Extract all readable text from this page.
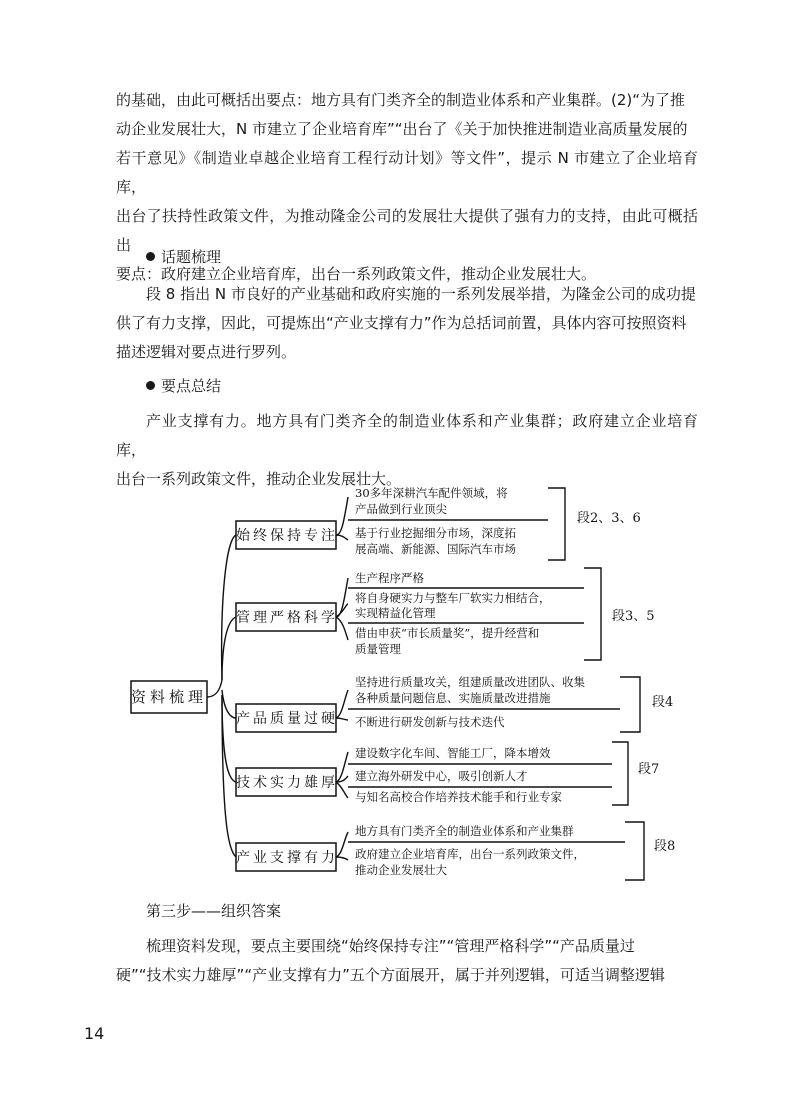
的基础，由此可概括出要点：地方具有门类齐全的制造业体系和产业集群。(2)“为了推
动企业发展壮大，N 市建立了企业培育库”“出台了《关于加快推进制造业高质量发展的
若干意见》《制造业卓越企业培育工程行动计划》等文件”，提示 N 市建立了企业培育库，
出台了扶持性政策文件，为推动隆金公司的发展壮大提供了强有力的支持，由此可概括出
要点：政府建立企业培育库，出台一系列政策文件，推动企业发展壮大。

话题梳理

段 8 指出 N 市良好的产业基础和政府实施的一系列发展举措，为隆金公司的成功提
供了有力支撑，因此，可提炼出“产业支撑有力”作为总括词前置，具体内容可按照资料
描述逻辑对要点进行罗列。

要点总结

产业支撑有力。地方具有门类齐全的制造业体系和产业集群；政府建立企业培育库，
出台一系列政策文件，推动企业发展壮大。

资料梳理
始终保持专注
管理严格科学
产品质量过硬
技术实力雄厚
产业支撑有力
30多年深耕汽车配件领域，将
产品做到行业顶尖
基于行业挖掘细分市场，深度拓
展高端、新能源、国际汽车市场
段2、3、6
生产程序严格
将自身硬实力与整车厂软实力相结合，
实现精益化管理
借由申获“市长质量奖”，提升经营和
质量管理
段3、5
坚持进行质量攻关，组建质量改进团队、收集
各种质量问题信息、实施质量改进措施
不断进行研发创新与技术迭代
段4
建设数字化车间、智能工厂，降本增效
建立海外研发中心，吸引创新人才
与知名高校合作培养技术能手和行业专家
段7
地方具有门类齐全的制造业体系和产业集群
政府建立企业培育库，出台一系列政策文件，
推动企业发展壮大
段8

第三步——组织答案

梳理资料发现，要点主要围绕“始终保持专注”“管理严格科学”“产品质量过
硬”“技术实力雄厚”“产业支撑有力”五个方面展开，属于并列逻辑，可适当调整逻辑

14
